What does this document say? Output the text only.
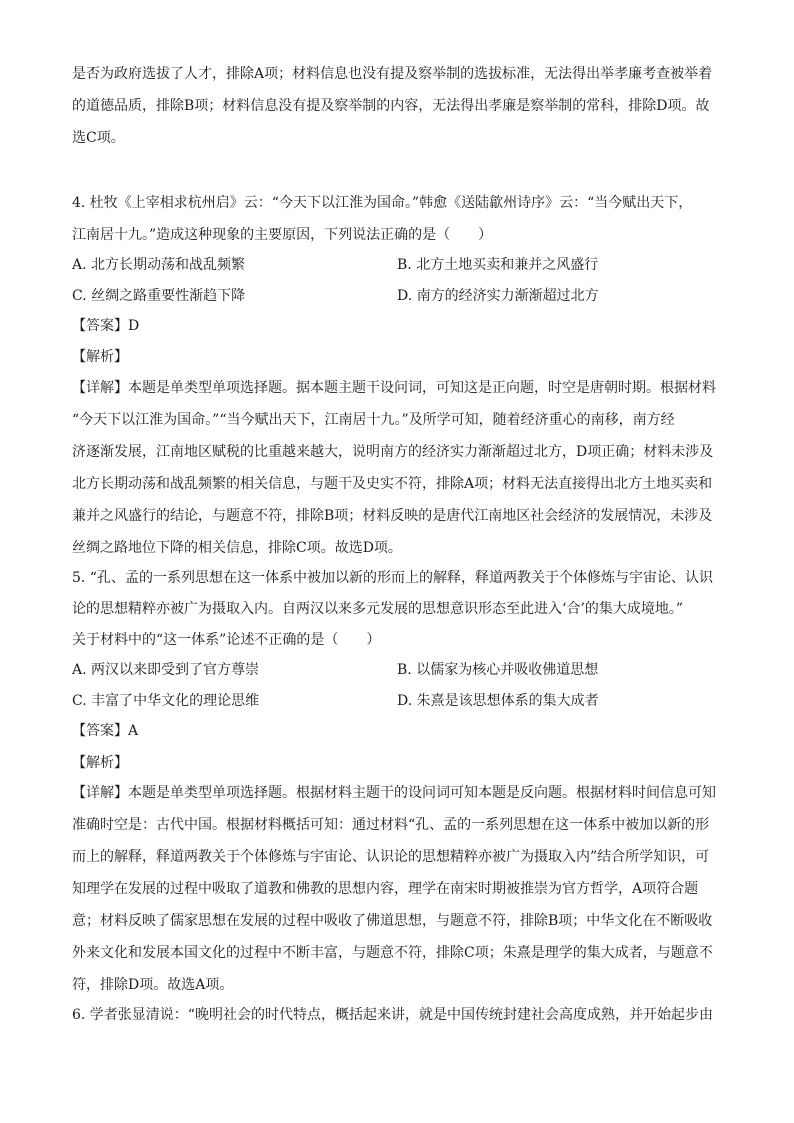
是否为政府选拔了人才，排除A项；材料信息也没有提及察举制的选拔标准，无法得出举孝廉考查被举着
的道德品质，排除B项；材料信息没有提及察举制的内容，无法得出孝廉是察举制的常科，排除D项。故
选C项。
4. 杜牧《上宰相求杭州启》云：“今天下以江淮为国命。”韩愈《送陆歙州诗序》云：“当今赋出天下，
江南居十九。”造成这种现象的主要原因，下列说法正确的是（　　）
A. 北方长期动荡和战乱频繁	B. 北方土地买卖和兼并之风盛行
C. 丝绸之路重要性渐趋下降	D. 南方的经济实力渐渐超过北方
【答案】D
【解析】
【详解】本题是单类型单项选择题。据本题主题干设问词，可知这是正向题，时空是唐朝时期。根据材料
“今天下以江淮为国命。”“当今赋出天下，江南居十九。”及所学可知，随着经济重心的南移，南方经
济逐渐发展，江南地区赋税的比重越来越大，说明南方的经济实力渐渐超过北方，D项正确；材料未涉及
北方长期动荡和战乱频繁的相关信息，与题干及史实不符，排除A项；材料无法直接得出北方土地买卖和
兼并之风盛行的结论，与题意不符，排除B项；材料反映的是唐代江南地区社会经济的发展情况，未涉及
丝绸之路地位下降的相关信息，排除C项。故选D项。
5. “孔、孟的一系列思想在这一体系中被加以新的形而上的解释，释道两教关于个体修炼与宇宙论、认识
论的思想精粹亦被广为摄取入内。自两汉以来多元发展的思想意识形态至此进入‘合’的集大成境地。”
关于材料中的“这一体系”论述不正确的是（　　）
A. 两汉以来即受到了官方尊崇	B. 以儒家为核心并吸收佛道思想
C. 丰富了中华文化的理论思维	D. 朱熹是该思想体系的集大成者
【答案】A
【解析】
【详解】本题是单类型单项选择题。根据材料主题干的设问词可知本题是反向题。根据材料时间信息可知
准确时空是：古代中国。根据材料概括可知：通过材料“孔、孟的一系列思想在这一体系中被加以新的形
而上的解释，释道两教关于个体修炼与宇宙论、认识论的思想精粹亦被广为摄取入内”结合所学知识，可
知理学在发展的过程中吸取了道教和佛教的思想内容，理学在南宋时期被推崇为官方哲学，A项符合题
意；材料反映了儒家思想在发展的过程中吸收了佛道思想，与题意不符，排除B项；中华文化在不断吸收
外来文化和发展本国文化的过程中不断丰富，与题意不符，排除C项；朱熹是理学的集大成者，与题意不
符，排除D项。故选A项。
6. 学者张显清说：“晚明社会的时代特点，概括起来讲，就是中国传统封建社会高度成熟，并开始起步由
